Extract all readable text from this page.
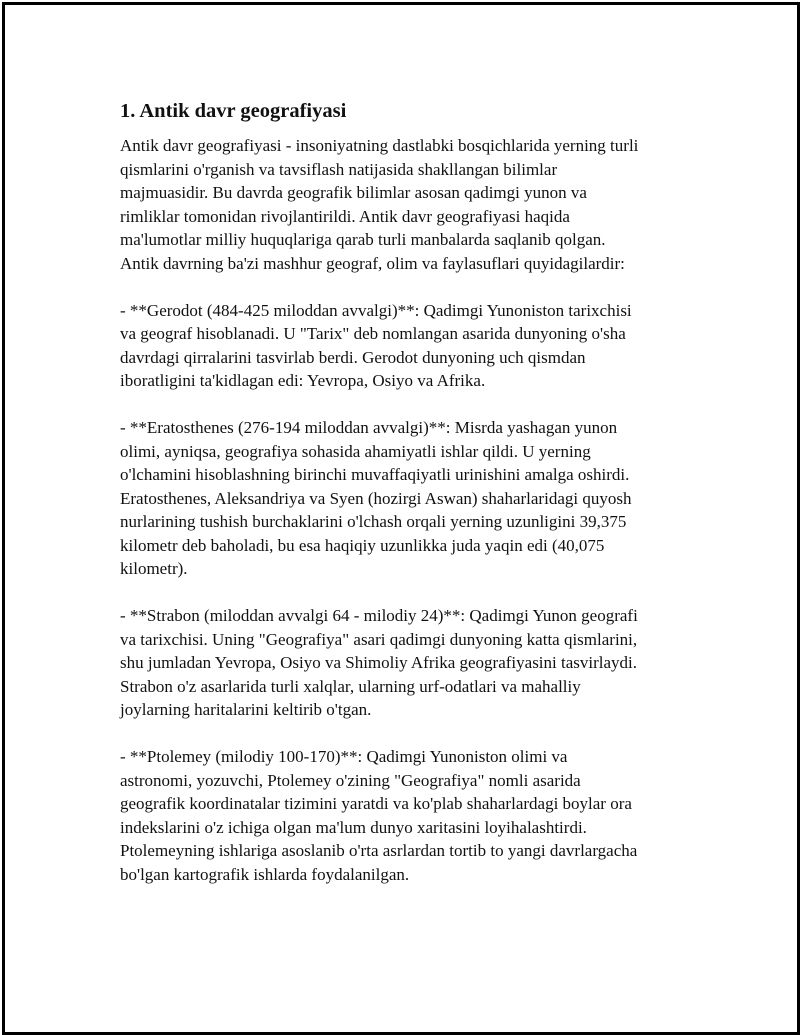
1. Antik davr geografiyasi

Antik davr geografiyasi - insoniyatning dastlabki bosqichlarida yerning turli
qismlarini o'rganish va tavsiflash natijasida shakllangan bilimlar
majmuasidir. Bu davrda geografik bilimlar asosan qadimgi yunon va
rimliklar tomonidan rivojlantirildi. Antik davr geografiyasi haqida
ma'lumotlar milliy huquqlariga qarab turli manbalarda saqlanib qolgan.
Antik davrning ba'zi mashhur geograf, olim va faylasuflari quyidagilardir:

- **Gerodot (484-425 miloddan avvalgi)**: Qadimgi Yunoniston tarixchisi
va geograf hisoblanadi. U "Tarix" deb nomlangan asarida dunyoning o'sha
davrdagi qirralarini tasvirlab berdi. Gerodot dunyoning uch qismdan
iboratligini ta'kidlagan edi: Yevropa, Osiyo va Afrika.

- **Eratosthenes (276-194 miloddan avvalgi)**: Misrda yashagan yunon
olimi, ayniqsa, geografiya sohasida ahamiyatli ishlar qildi. U yerning
o'lchamini hisoblashning birinchi muvaffaqiyatli urinishini amalga oshirdi.
Eratosthenes, Aleksandriya va Syen (hozirgi Aswan) shaharlaridagi quyosh
nurlarining tushish burchaklarini o'lchash orqali yerning uzunligini 39,375
kilometr deb baholadi, bu esa haqiqiy uzunlikka juda yaqin edi (40,075
kilometr).

- **Strabon (miloddan avvalgi 64 - milodiy 24)**: Qadimgi Yunon geografi
va tarixchisi. Uning "Geografiya" asari qadimgi dunyoning katta qismlarini,
shu jumladan Yevropa, Osiyo va Shimoliy Afrika geografiyasini tasvirlaydi.
Strabon o'z asarlarida turli xalqlar, ularning urf-odatlari va mahalliy
joylarning haritalarini keltirib o'tgan.

- **Ptolemey (milodiy 100-170)**: Qadimgi Yunoniston olimi va
astronomi, yozuvchi, Ptolemey o'zining "Geografiya" nomli asarida
geografik koordinatalar tizimini yaratdi va ko'plab shaharlardagi boylar ora
indekslarini o'z ichiga olgan ma'lum dunyo xaritasini loyihalashtirdi.
Ptolemeyning ishlariga asoslanib o'rta asrlardan tortib to yangi davrlargacha
bo'lgan kartografik ishlarda foydalanilgan.
